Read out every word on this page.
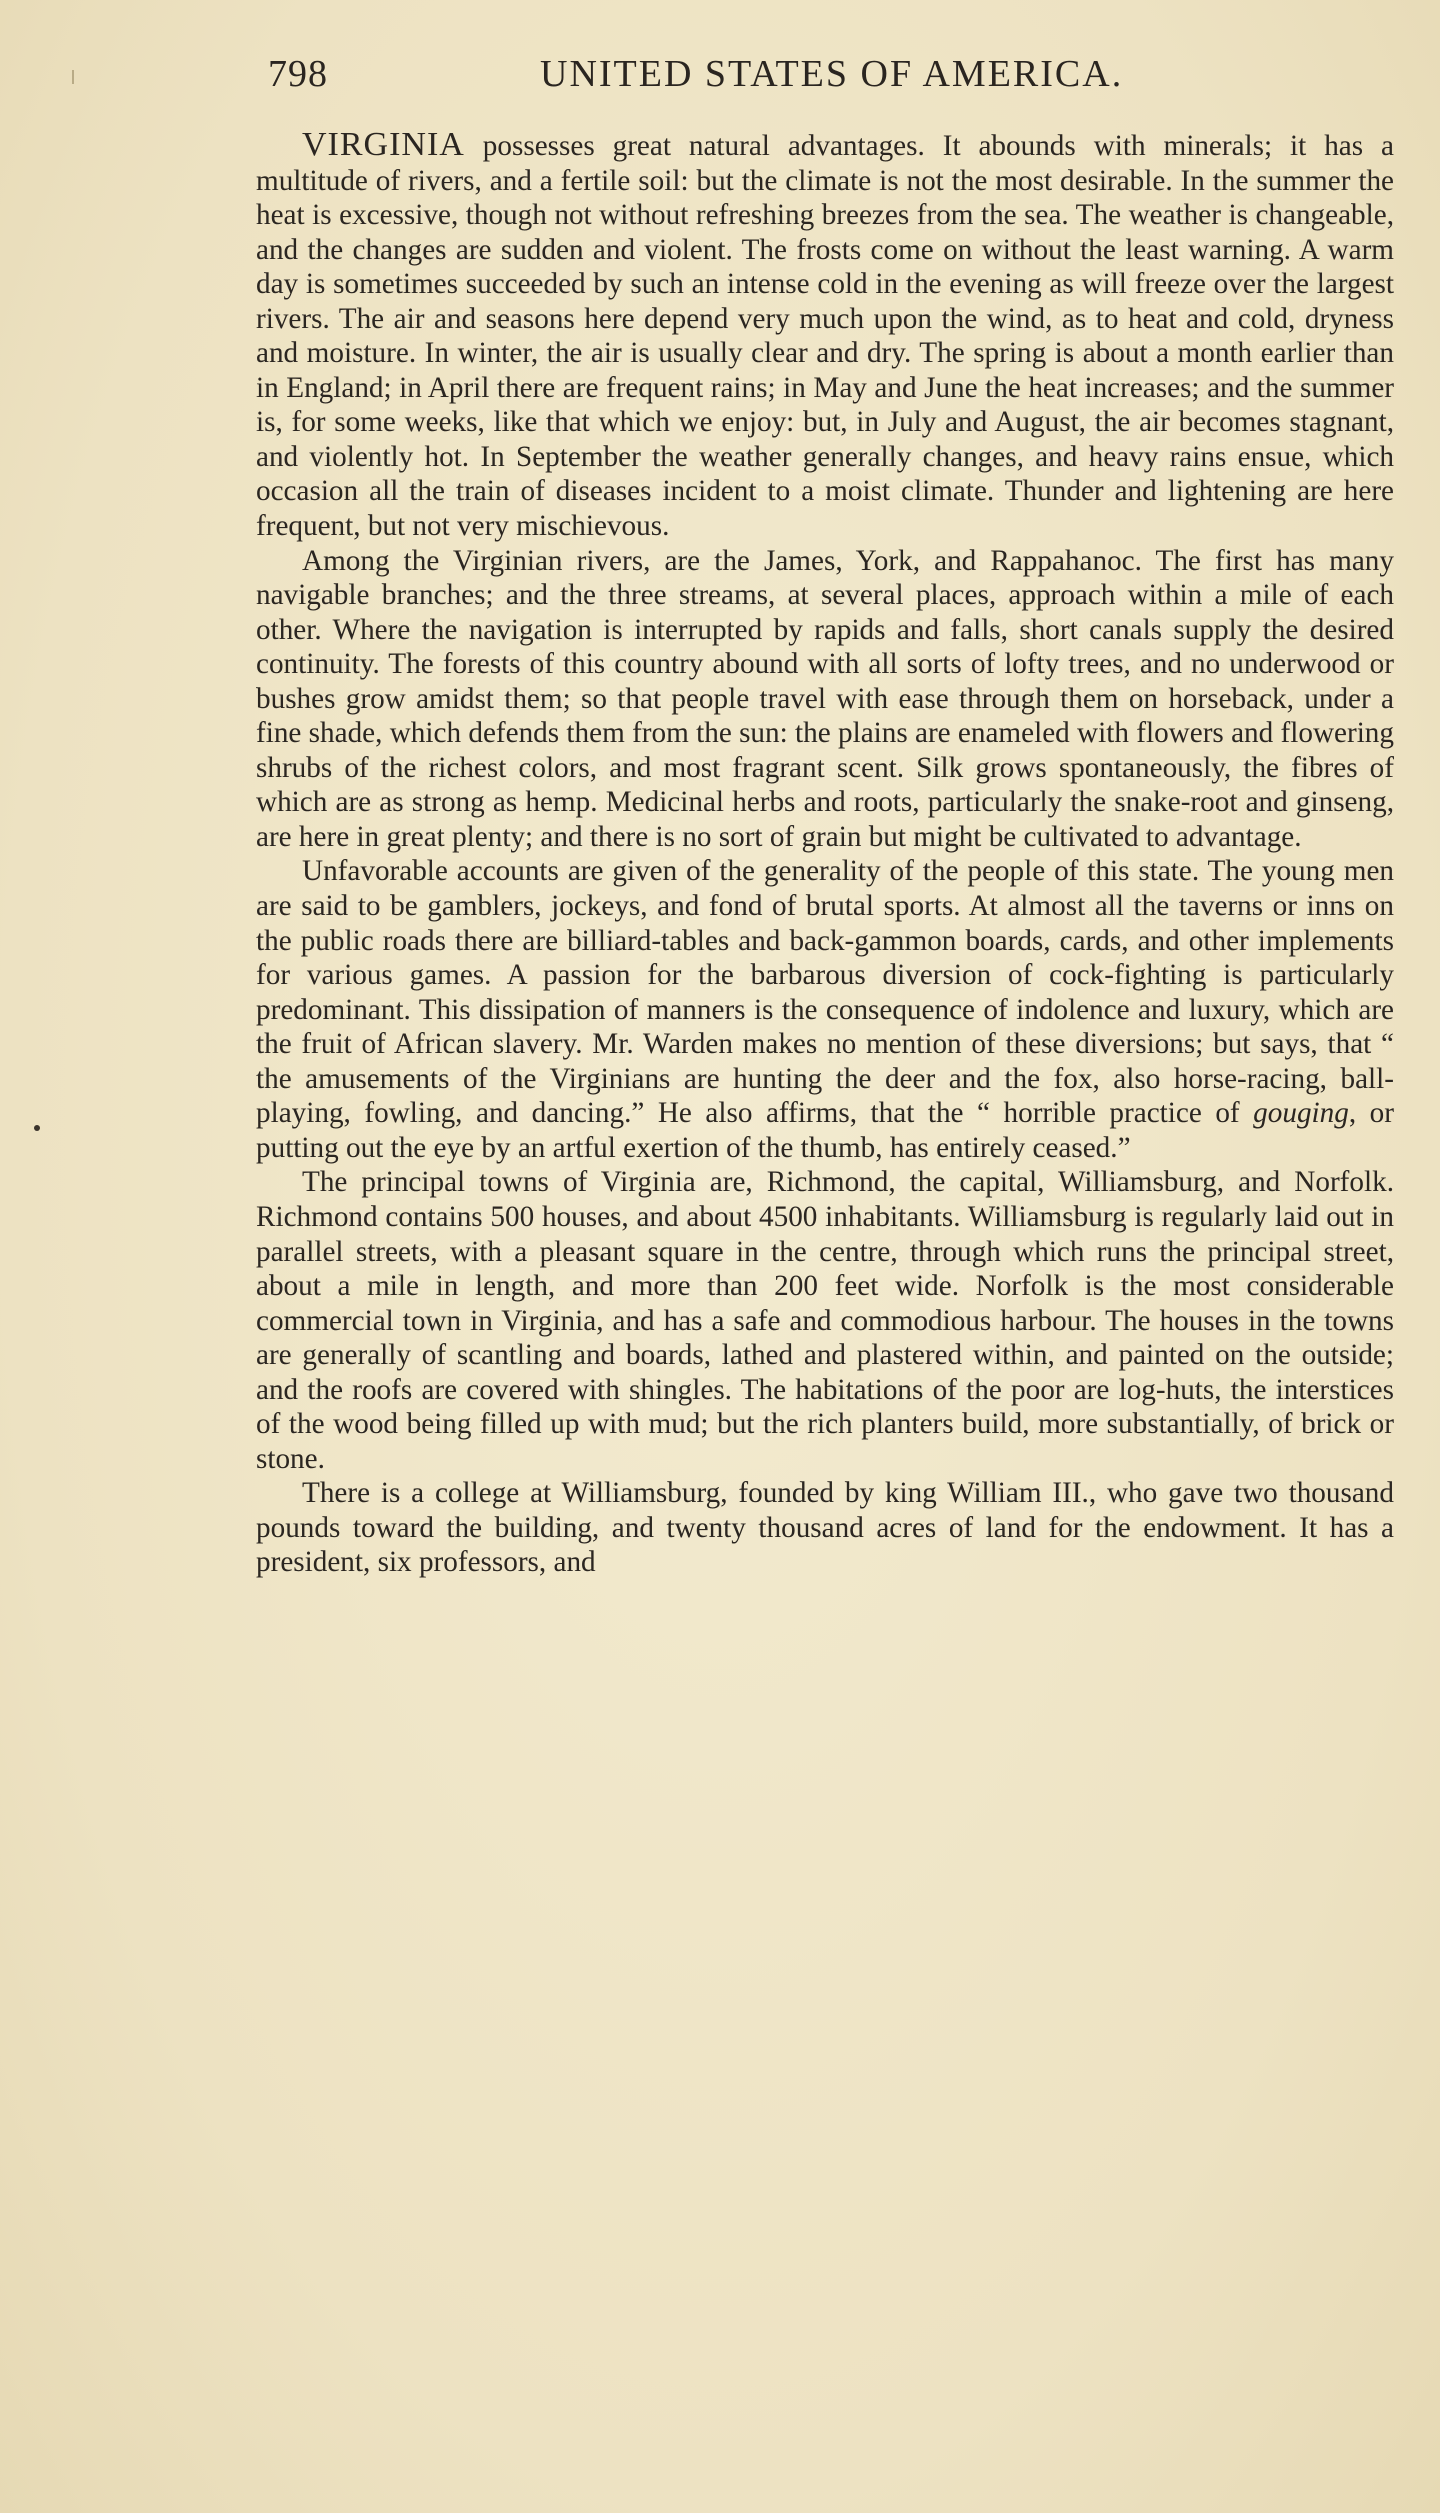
798	UNITED STATES OF AMERICA.

VIRGINIA possesses great natural advantages. It abounds with minerals; it has a multitude of rivers, and a fertile soil: but the climate is not the most desirable. In the summer the heat is excessive, though not without refreshing breezes from the sea. The weather is changeable, and the changes are sudden and violent. The frosts come on without the least warning. A warm day is sometimes succeeded by such an intense cold in the evening as will freeze over the largest rivers. The air and seasons here depend very much upon the wind, as to heat and cold, dryness and moisture. In winter, the air is usually clear and dry. The spring is about a month earlier than in England; in April there are frequent rains; in May and June the heat increases; and the summer is, for some weeks, like that which we enjoy: but, in July and August, the air becomes stagnant, and violently hot. In September the weather generally changes, and heavy rains ensue, which occasion all the train of diseases incident to a moist climate. Thunder and lightening are here frequent, but not very mischievous.

Among the Virginian rivers, are the James, York, and Rappahanoc. The first has many navigable branches; and the three streams, at several places, approach within a mile of each other. Where the navigation is interrupted by rapids and falls, short canals supply the desired continuity. The forests of this country abound with all sorts of lofty trees, and no underwood or bushes grow amidst them; so that people travel with ease through them on horseback, under a fine shade, which defends them from the sun: the plains are enameled with flowers and flowering shrubs of the richest colors, and most fragrant scent. Silk grows spontaneously, the fibres of which are as strong as hemp. Medicinal herbs and roots, particularly the snake-root and ginseng, are here in great plenty; and there is no sort of grain but might be cultivated to advantage.

Unfavorable accounts are given of the generality of the people of this state. The young men are said to be gamblers, jockeys, and fond of brutal sports. At almost all the taverns or inns on the public roads there are billiard-tables and back-gammon boards, cards, and other implements for various games. A passion for the barbarous diversion of cock-fighting is particularly predominant. This dissipation of manners is the consequence of indolence and luxury, which are the fruit of African slavery. Mr. Warden makes no mention of these diversions; but says, that “ the amusements of the Virginians are hunting the deer and the fox, also horse-racing, ball-playing, fowling, and dancing.” He also affirms, that the “ horrible practice of gouging, or putting out the eye by an artful exertion of the thumb, has entirely ceased.”

The principal towns of Virginia are, Richmond, the capital, Williamsburg, and Norfolk. Richmond contains 500 houses, and about 4500 inhabitants. Williamsburg is regularly laid out in parallel streets, with a pleasant square in the centre, through which runs the principal street, about a mile in length, and more than 200 feet wide. Norfolk is the most considerable commercial town in Virginia, and has a safe and commodious harbour. The houses in the towns are generally of scantling and boards, lathed and plastered within, and painted on the outside; and the roofs are covered with shingles. The habitations of the poor are log-huts, the interstices of the wood being filled up with mud; but the rich planters build, more substantially, of brick or stone.

There is a college at Williamsburg, founded by king William III., who gave two thousand pounds toward the building, and twenty thousand acres of land for the endowment. It has a president, six professors, and
